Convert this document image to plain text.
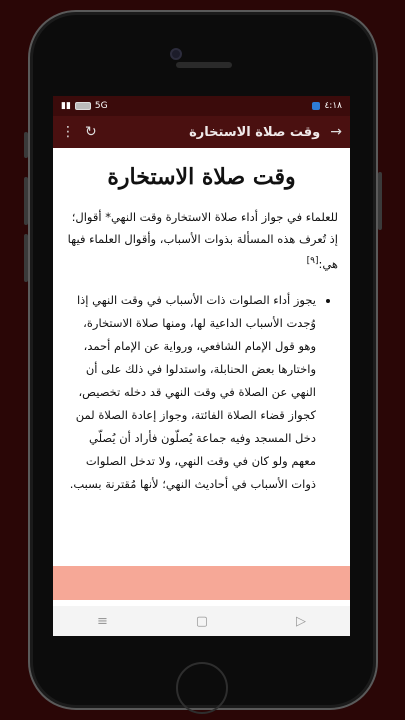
▮▮	5G	٤:١٨
⋮ ↻	وقت صلاة الاستخارة →
وقت صلاة الاستخارة

للعلماء في جواز أداء صلاة الاستخارة وقت النهي* أقوال؛ إذ تُعرف هذه المسألة بذوات الأسباب، وأقوال العلماء فيها هي:[٩]

• يجوز أداء الصلوات ذات الأسباب في وقت النهي إذا وُجدت الأسباب الداعية لها، ومنها صلاة الاستخارة، وهو قول الإمام الشافعي، ورواية عن الإمام أحمد، واختارها بعض الحنابلة، واستدلوا في ذلك على أن النهي عن الصلاة في وقت النهي قد دخله تخصيص، كجواز قضاء الصلاة الفائتة، وجواز إعادة الصلاة لمن دخل المسجد وفيه جماعة يُصلّون فأراد أن يُصلّي معهم ولو كان في وقت النهي، ولا تدخل الصلوات ذوات الأسباب في أحاديث النهي؛ لأنها مُقترنة بسبب.
≡	▢	▷
